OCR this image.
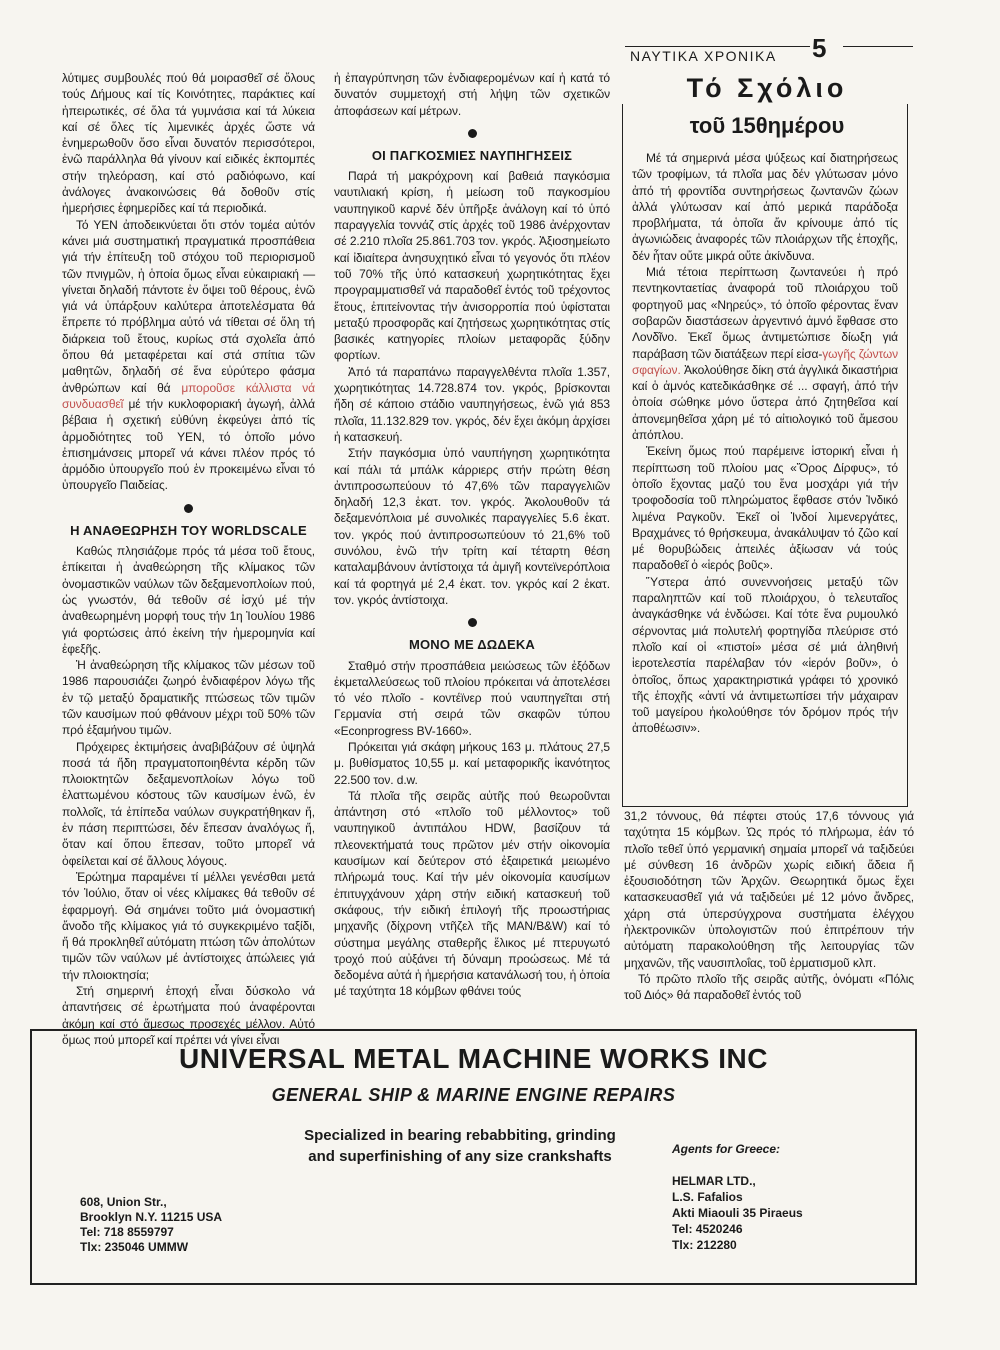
ΝΑΥΤΙΚΑ ΧΡΟΝΙΚΑ 5

λύτιμες συμβουλές πού θά μοιρασθεῖ σέ ὅλους τούς Δήμους καί τίς Κοινότητες, παράκτιες καί ἠπειρωτικές, σέ ὅλα τά γυμνάσια καί τά λύκεια καί σέ ὅλες τίς λιμενικές ἀρχές ὥστε νά ἐνημερωθοῦν ὅσο εἶναι δυνατόν περισσότεροι, ἐνῶ παράλληλα θά γίνουν καί ειδικές ἐκπομπές στήν τηλεόραση, καί στό ραδιόφωνο, καί ἀνάλογες ἀνακοινώσεις θά δοθοῦν στίς ἡμερήσιες ἐφημερίδες καί τά περιοδικά.

Τό ΥΕΝ ἀποδεικνύεται ὅτι στόν τομέα αὐτόν κάνει μιά συστηματική πραγματικά προσπάθεια γιά τήν ἐπίτευξη τοῦ στόχου τοῦ περιορισμοῦ τῶν πνιγμῶν, ἡ ὁποία ὅμως εἶναι εὐκαιριακή — γίνεται δηλαδή πάντοτε ἐν ὄψει τοῦ θέρους, ἐνῶ γιά νά ὑπάρξουν καλύτερα ἀποτελέσματα θά ἔπρεπε τό πρόβλημα αὐτό νά τίθεται σέ ὅλη τή διάρκεια τοῦ ἔτους, κυρίως στά σχολεῖα ἀπό ὅπου θά μεταφέρεται καί στά σπίτια τῶν μαθητῶν, δηλαδή σέ ἕνα εὐρύτερο φάσμα ἀνθρώπων καί θά μποροῦσε κάλλιστα νά συνδυασθεῖ μέ τήν κυκλοφοριακή ἀγωγή, ἀλλά βέβαια ἡ σχετική εὐθύνη ἐκφεύγει ἀπό τίς ἁρμοδιότητες τοῦ ΥΕΝ, τό ὁποῖο μόνο ἐπισημάνσεις μπορεῖ νά κάνει πλέον πρός τό ἁρμόδιο ὑπουργεῖο πού ἐν προκειμένω εἶναι τό ὑπουργεῖο Παιδείας.

Η ΑΝΑΘΕΩΡΗΣΗ ΤΟΥ WORLDSCALE

Καθώς πλησιάζομε πρός τά μέσα τοῦ ἔτους, ἐπίκειται ἡ ἀναθεώρηση τῆς κλίμακος τῶν ὀνομαστικῶν ναύλων τῶν δεξαμενοπλοίων πού, ὡς γνωστόν, θά τεθοῦν σέ ἰσχύ μέ τήν ἀναθεωρημένη μορφή τους τήν 1η Ἰουλίου 1986 γιά φορτώσεις ἀπό ἐκείνη τήν ἡμερομηνία καί ἐφεξῆς.

Ἡ ἀναθεώρηση τῆς κλίμακος τῶν μέσων τοῦ 1986 παρουσιάζει ζωηρό ἐνδιαφέρον λόγω τῆς ἐν τῷ μεταξύ δραματικῆς πτώσεως τῶν τιμῶν τῶν καυσίμων πού φθάνουν μέχρι τοῦ 50% τῶν πρό ἑξαμήνου τιμῶν.

Πρόχειρες ἐκτιμήσεις ἀναβιβάζουν σέ ὑψηλά ποσά τά ἤδη πραγματοποιηθέντα κέρδη τῶν πλοιοκτητῶν δεξαμενοπλοίων λόγω τοῦ ἐλαττωμένου κόστους τῶν καυσίμων ἐνῶ, ἐν πολλοῖς, τά ἐπίπεδα ναύλων συγκρατήθηκαν ἤ, ἐν πάση περιπτώσει, δέν ἔπεσαν ἀναλόγως ἤ, ὅταν καί ὅπου ἔπεσαν, τοῦτο μπορεῖ νά ὀφείλεται καί σέ ἄλλους λόγους.

Ἐρώτημα παραμένει τί μέλλει γενέσθαι μετά τόν Ἰούλιο, ὅταν οἱ νέες κλίμακες θά τεθοῦν σέ ἐφαρμογή. Θά σημάνει τοῦτο μιά ὀνομαστική ἄνοδο τῆς κλίμακος γιά τό συγκεκριμένο ταξίδι, ἤ θά προκληθεῖ αὐτόματη πτώση τῶν ἀπολύτων τιμῶν τῶν ναύλων μέ ἀντίστοιχες ἀπώλειες γιά τήν πλοιοκτησία;

Στή σημερινή ἐποχή εἶναι δύσκολο νά ἀπαντήσεις σέ ἐρωτήματα πού ἀναφέρονται ἀκόμη καί στό ἄμεσως προσεχές μέλλον. Αὐτό ὅμως πού μπορεῖ καί πρέπει νά γίνει εἶναι

ἡ ἐπαγρύπνηση τῶν ἐνδιαφερομένων καί ἡ κατά τό δυνατόν συμμετοχή στή λήψη τῶν σχετικῶν ἀποφάσεων καί μέτρων.

ΟΙ ΠΑΓΚΟΣΜΙΕΣ ΝΑΥΠΗΓΗΣΕΙΣ

Παρά τή μακρόχρονη καί βαθειά παγκόσμια ναυτιλιακή κρίση, ἡ μείωση τοῦ παγκοσμίου ναυπηγικοῦ καρνέ δέν ὑπῆρξε ἀνάλογη καί τό ὑπό παραγγελία τοννάζ στίς ἀρχές τοῦ 1986 ἀνέρχονταν σέ 2.210 πλοῖα 25.861.703 τον. γκρός. Ἀξιοσημείωτο καί ἰδιαίτερα ἀνησυχητικό εἶναι τό γεγονός ὅτι πλέον τοῦ 70% τῆς ὑπό κατασκευή χωρητικότητας ἔχει προγραμματισθεῖ νά παραδοθεῖ ἐντός τοῦ τρέχοντος ἔτους, ἐπιτείνοντας τήν ἀνισορροπία πού ὑφίσταται μεταξύ προσφορᾶς καί ζητήσεως χωρητικότητας στίς βασικές κατηγορίες πλοίων μεταφορᾶς ξύδην φορτίων.

Ἀπό τά παραπάνω παραγγελθέντα πλοῖα 1.357, χωρητικότητας 14.728.874 τον. γκρός, βρίσκονται ἤδη σέ κάποιο στάδιο ναυπηγήσεως, ἐνῶ γιά 853 πλοῖα, 11.132.829 τον. γκρός, δέν ἔχει ἀκόμη ἀρχίσει ἡ κατασκευή.

Στήν παγκόσμια ὑπό ναυπήγηση χωρητικότητα καί πάλι τά μπάλκ κάρριερς στήν πρώτη θέση ἀντιπροσωπεύουν τό 47,6% τῶν παραγγελιῶν δηλαδή 12,3 ἑκατ. τον. γκρός. Ἀκολουθοῦν τά δεξαμενόπλοια μέ συνολικές παραγγελίες 5.6 ἑκατ. τον. γκρός πού ἀντιπροσωπεύουν τό 21,6% τοῦ συνόλου, ἐνῶ τήν τρίτη καί τέταρτη θέση καταλαμβάνουν ἀντίστοιχα τά ἀμιγῆ κοντεϊνερόπλοια καί τά φορτηγά μέ 2,4 ἑκατ. τον. γκρός καί 2 ἑκατ. τον. γκρός ἀντίστοιχα.

ΜΟΝΟ ΜΕ ΔΩΔΕΚΑ

Σταθμό στήν προσπάθεια μειώσεως τῶν ἐξόδων ἐκμεταλλεύσεως τοῦ πλοίου πρόκειται νά ἀποτελέσει τό νέο πλοῖο - κοντέϊνερ πού ναυπηγεῖται στή Γερμανία στή σειρά τῶν σκαφῶν τύπου «Econprogress BV-1660».

Πρόκειται γιά σκάφη μήκους 163 μ. πλάτους 27,5 μ. βυθίσματος 10,55 μ. καί μεταφορικῆς ἱκανότητος 22.500 τον. d.w.

Τά πλοῖα τῆς σειρᾶς αὐτῆς πού θεωροῦνται ἀπάντηση στό «πλοῖο τοῦ μέλλοντος» τοῦ ναυπηγικοῦ ἀντιπάλου HDW, βασίζουν τά πλεονεκτήματά τους πρῶτον μέν στήν οἰκονομία καυσίμων καί δεύτερον στό ἐξαιρετικά μειωμένο πλήρωμά τους. Καί τήν μέν οἰκονομία καυσίμων ἐπιτυγχάνουν χάρη στήν ειδική κατασκευή τοῦ σκάφους, τήν ειδική ἐπιλογή τῆς προωστήριας μηχανῆς (δίχρονη ντῆζελ τῆς MAN/B&W) καί τό σύστημα μεγάλης σταθερῆς ἕλικος μέ πτερυγωτό τροχό πού αὐξάνει τή δύναμη προώσεως. Μέ τά δεδομένα αὐτά ἡ ἡμερήσια κατανάλωσή του, ἡ ὁποία μέ ταχύτητα 18 κόμβων φθάνει τούς

Τό Σχόλιο
τοῦ 15θημέρου

Μέ τά σημερινά μέσα ψύξεως καί διατηρήσεως τῶν τροφίμων, τά πλοῖα μας δέν γλύτωσαν μόνο ἀπό τή φροντίδα συντηρήσεως ζωντανῶν ζώων ἀλλά γλύτωσαν καί ἀπό μερικά παράδοξα προβλήματα, τά ὁποῖα ἄν κρίνουμε ἀπό τίς ἀγωνιώδεις ἀναφορές τῶν πλοιάρχων τῆς ἐποχῆς, δέν ἦταν οὔτε μικρά οὔτε ἀκίνδυνα.

Μιά τέτοια περίπτωση ζωντανεύει ἡ πρό πεντηκονταετίας ἀναφορά τοῦ πλοιάρχου τοῦ φορτηγοῦ μας «Νηρεύς», τό ὁποῖο φέροντας ἕναν σοβαρῶν διαστάσεων ἀργεντινό ἀμνό ἔφθασε στο Λονδῖνο. Ἐκεῖ ὅμως ἀντιμετώπισε δίωξη γιά παράβαση τῶν διατάξεων περί εἰσα-γωγῆς ζώντων σφαγίων. Ἀκολούθησε δίκη στά ἀγγλικά δικαστήρια καί ὁ ἀμνός κατεδικάσθηκε σέ ... σφαγή, ἀπό τήν ὁποία σώθηκε μόνο ὕστερα ἀπό ζητηθεῖσα καί ἀπονεμηθεῖσα χάρη μέ τό αἰτιολογικό τοῦ ἄμεσου ἀπόπλου.

Ἐκείνη ὅμως πού παρέμεινε ἱστορική εἶναι ἡ περίπτωση τοῦ πλοίου μας «Ὄρος Δίρφυς», τό ὁποῖο ἔχοντας μαζύ του ἕνα μοσχάρι γιά τήν τροφοδοσία τοῦ πληρώματος ἔφθασε στόν Ἰνδικό λιμένα Ραγκοῦν. Ἐκεῖ οἱ Ἰνδοί λιμενεργάτες, Βραχμάνες τό θρήσκευμα, ἀνακάλυψαν τό ζῶο καί μέ θορυβώδεις ἀπειλές ἀξίωσαν νά τούς παραδοθεῖ ὁ «ἱερός βοῦς».

Ὕστερα ἀπό συνεννοήσεις μεταξύ τῶν παραληπτῶν καί τοῦ πλοιάρχου, ὁ τελευταῖος ἀναγκάσθηκε νά ἐνδώσει. Καί τότε ἕνα ρυμουλκό σέρνοντας μιά πολυτελή φορτηγίδα πλεύρισε στό πλοῖο καί οἱ «πιστοί» μέσα σέ μιά ἀληθινή ἱεροτελεστία παρέλαβαν τόν «ἱερόν βοῦν», ὁ ὁποῖος, ὅπως χαρακτηριστικά γράφει τό χρονικό τῆς ἐποχῆς «ἀντί νά ἀντιμετωπίσει τήν μάχαιραν τοῦ μαγείρου ἠκολούθησε τόν δρόμον πρός τήν ἀποθέωσιν».

31,2 τόννους, θά πέφτει στούς 17,6 τόννους γιά ταχύτητα 15 κόμβων. Ὡς πρός τό πλήρωμα, ἐάν τό πλοῖο τεθεῖ ὑπό γερμανική σημαία μπορεῖ νά ταξιδεύει μέ σύνθεση 16 ἀνδρῶν χωρίς ειδική ἄδεια ἤ ἐξουσιοδότηση τῶν Ἀρχῶν. Θεωρητικά ὅμως ἔχει κατασκευασθεῖ γιά νά ταξιδεύει μέ 12 μόνο ἄνδρες, χάρη στά ὑπερσύγχρονα συστήματα ἐλέγχου ἠλεκτρονικῶν ὑπολογιστῶν πού ἐπιτρέπουν τήν αὐτόματη παρακολούθηση τῆς λειτουργίας τῶν μηχανῶν, τῆς ναυσιπλοΐας, τοῦ ἐρματισμοῦ κλπ.

Τό πρῶτο πλοῖο τῆς σειρᾶς αὐτῆς, ὀνόματι «Πόλις τοῦ Διός» θά παραδοθεῖ ἐντός τοῦ

UNIVERSAL METAL MACHINE WORKS INC
GENERAL SHIP & MARINE ENGINE REPAIRS
Specialized in bearing rebabbiting, grinding
and superfinishing of any size crankshafts
608, Union Str.,
Brooklyn N.Y. 11215 USA
Tel: 718 8559797
Tlx: 235046 UMMW
Agents for Greece:
HELMAR LTD.,
L.S. Fafalios
Akti Miaouli 35 Piraeus
Tel: 4520246
Tlx: 212280
